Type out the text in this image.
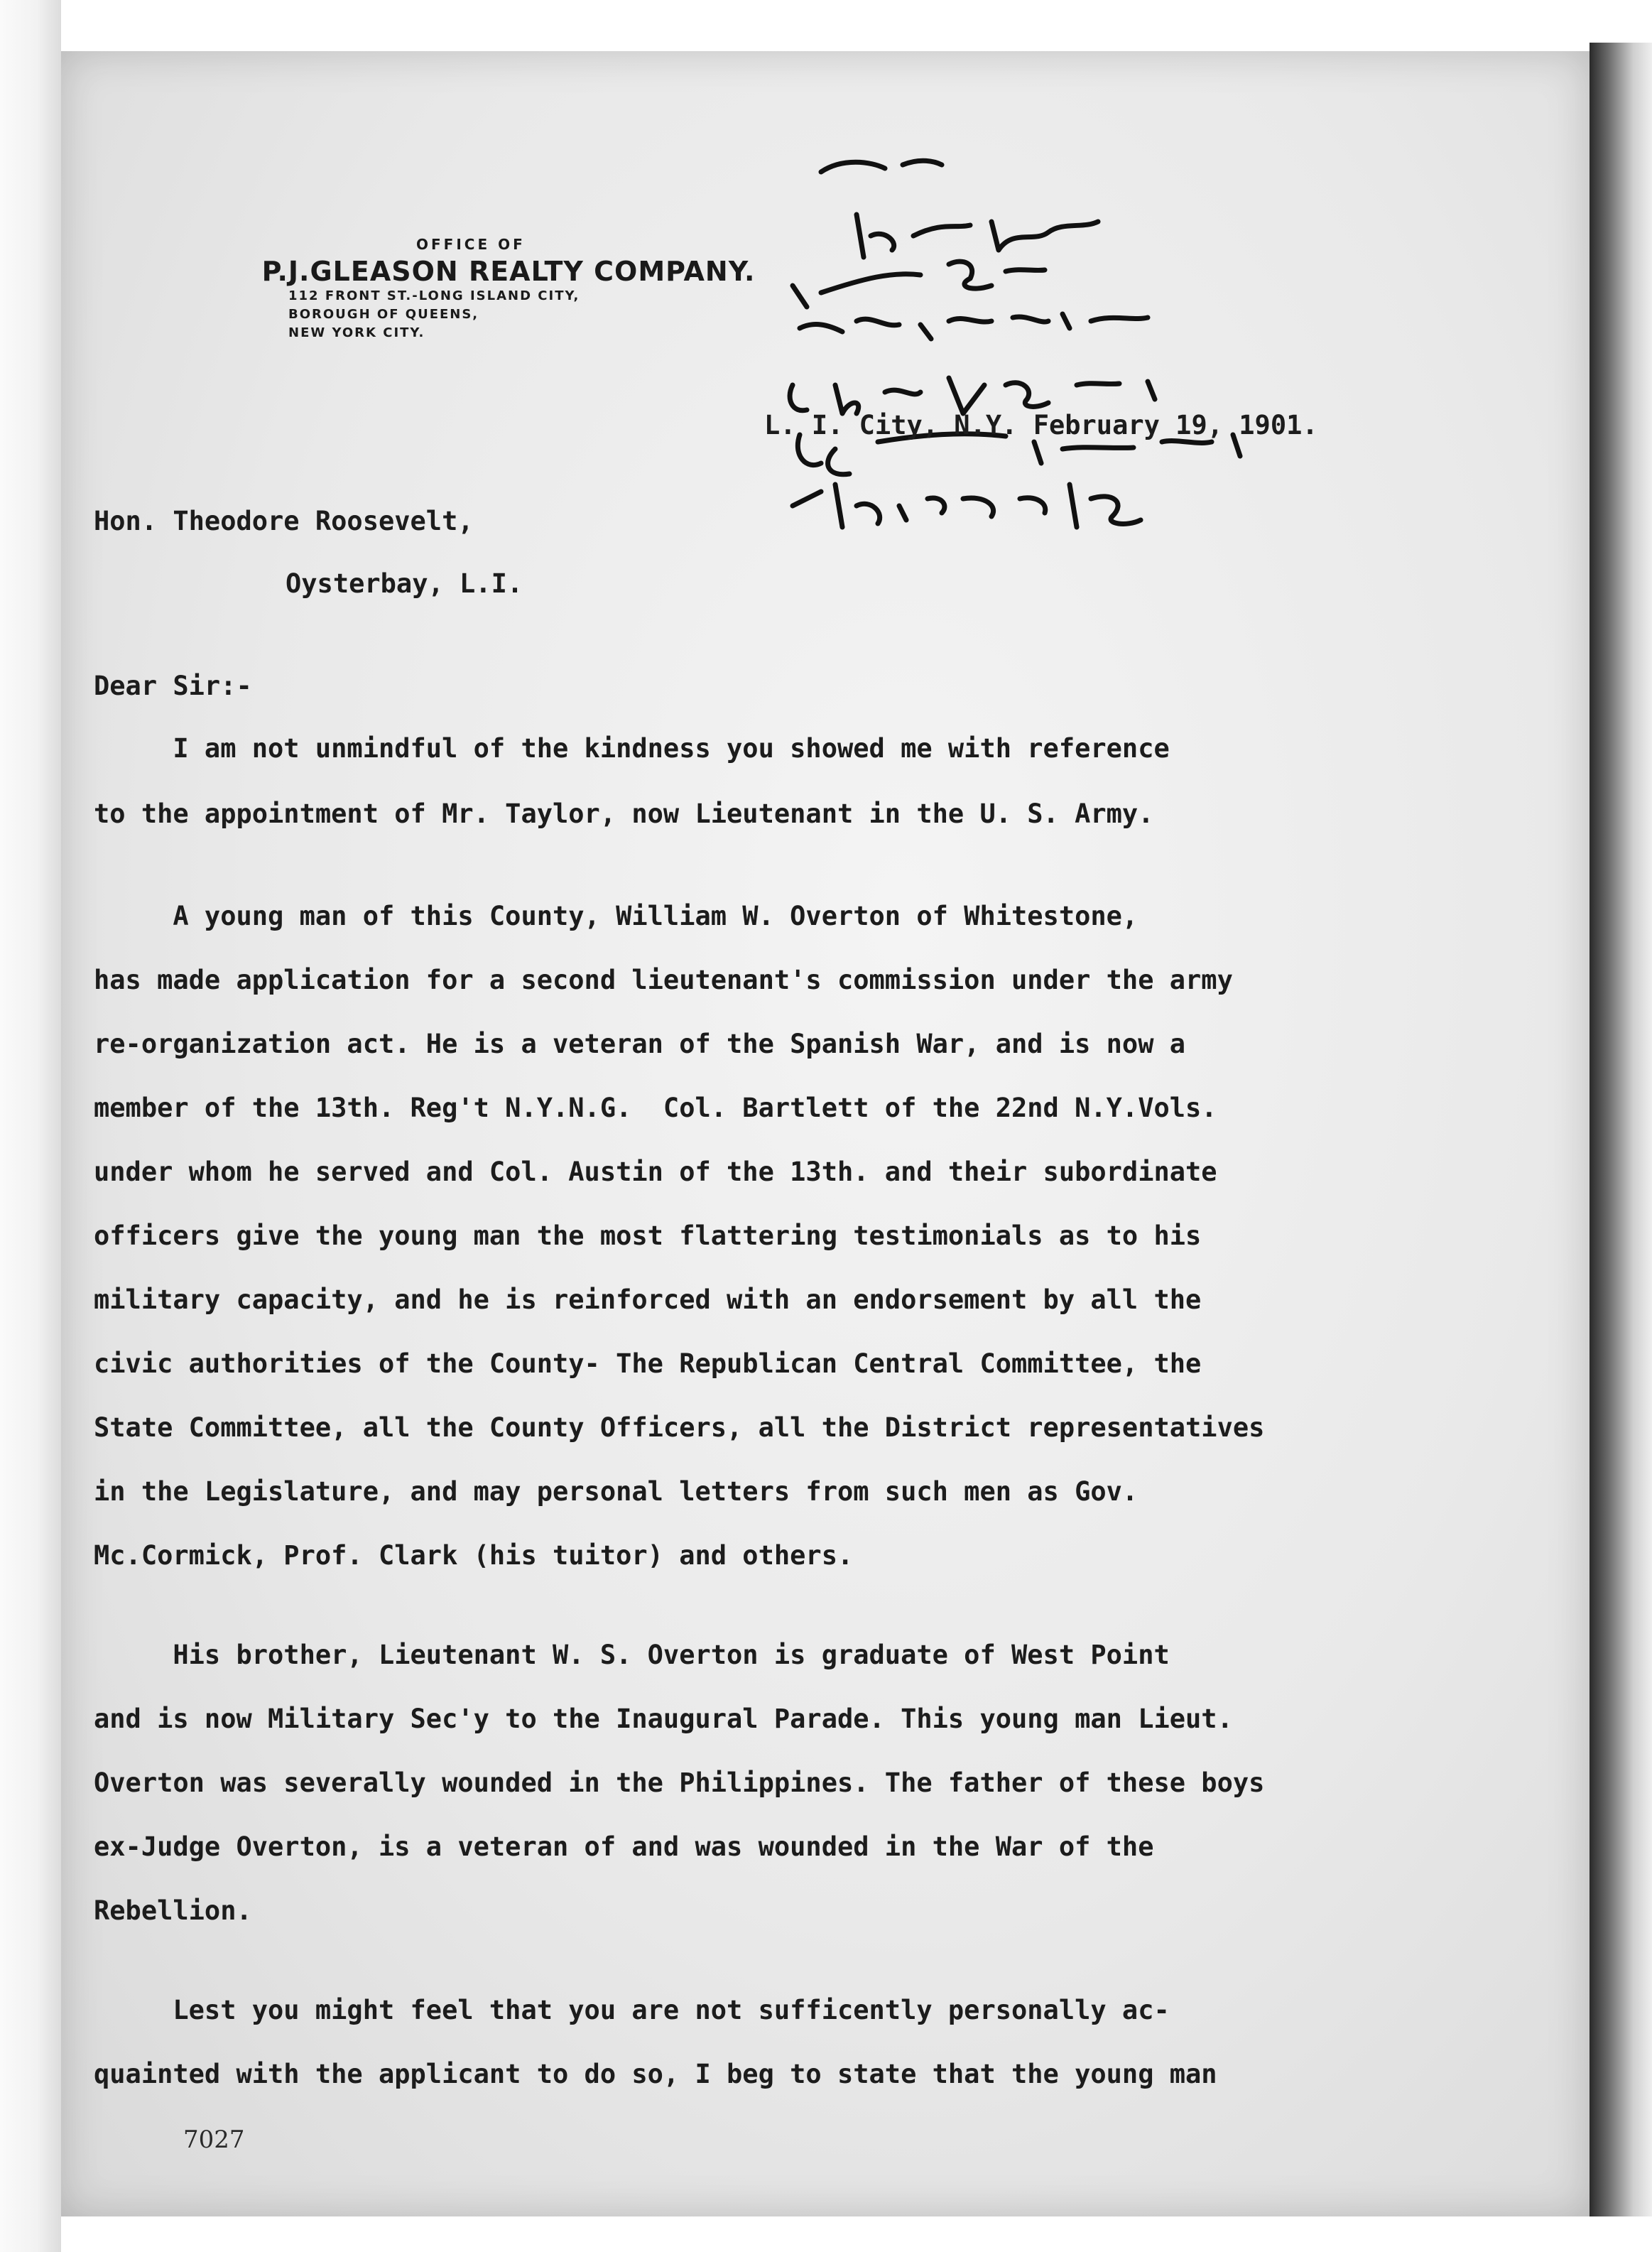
OFFICE OF
P.J.GLEASON REALTY COMPANY.
112 FRONT ST.-LONG ISLAND CITY,
BOROUGH OF QUEENS,
NEW YORK CITY.

L. I. City, N.Y. February 19, 1901.

Hon. Theodore Roosevelt,

Oysterbay, L.I.

Dear Sir:-

I am not unmindful of the kindness you showed me with reference

to the appointment of Mr. Taylor, now Lieutenant in the U. S. Army.

A young man of this County, William W. Overton of Whitestone,

has made application for a second lieutenant's commission under the army

re-organization act. He is a veteran of the Spanish War, and is now a

member of the 13th. Reg't N.Y.N.G.  Col. Bartlett of the 22nd N.Y.Vols.

under whom he served and Col. Austin of the 13th. and their subordinate

officers give the young man the most flattering testimonials as to his

military capacity, and he is reinforced with an endorsement by all the

civic authorities of the County- The Republican Central Committee, the

State Committee, all the County Officers, all the District representatives

in the Legislature, and may personal letters from such men as Gov.

Mc.Cormick, Prof. Clark (his tuitor) and others.

His brother, Lieutenant W. S. Overton is graduate of West Point

and is now Military Sec'y to the Inaugural Parade. This young man Lieut.

Overton was severally wounded in the Philippines. The father of these boys

ex-Judge Overton, is a veteran of and was wounded in the War of the

Rebellion.

Lest you might feel that you are not sufficently personally ac-

quainted with the applicant to do so, I beg to state that the young man

7027
